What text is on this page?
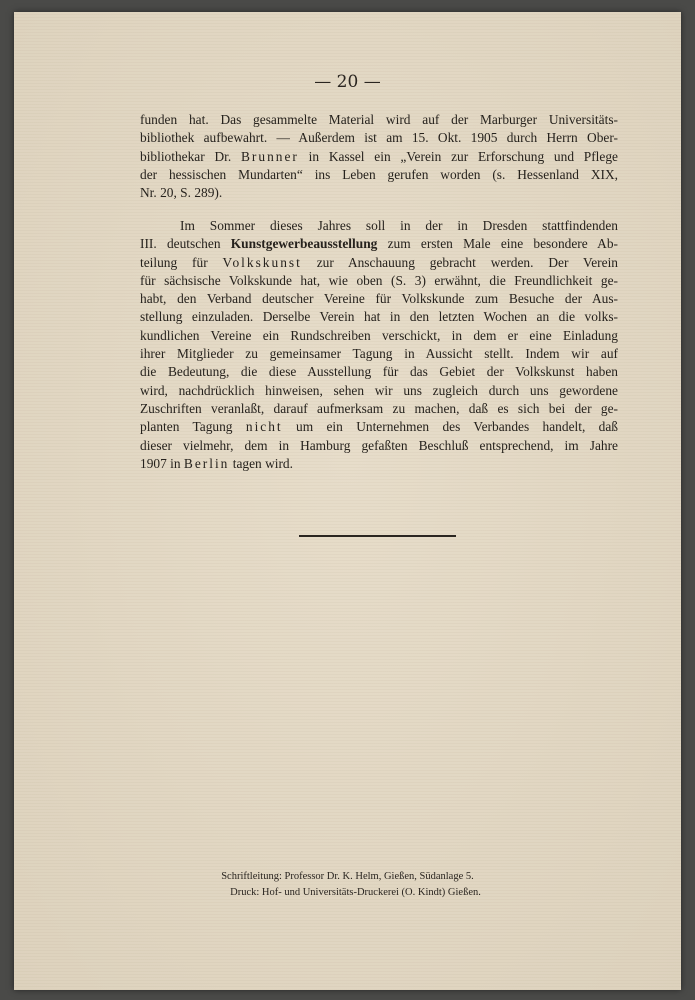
— 20 —
funden hat. Das gesammelte Material wird auf der Marburger Universitäts-
bibliothek aufbewahrt. — Außerdem ist am 15. Okt. 1905 durch Herrn Ober-
bibliothekar Dr. Brunner in Kassel ein „Verein zur Erforschung und Pflege
der hessischen Mundarten“ ins Leben gerufen worden (s. Hessenland XIX,
Nr. 20, S. 289).
Im Sommer dieses Jahres soll in der in Dresden stattfindenden
III. deutschen Kunstgewerbeausstellung zum ersten Male eine besondere Ab-
teilung für Volkskunst zur Anschauung gebracht werden. Der Verein
für sächsische Volkskunde hat, wie oben (S. 3) erwähnt, die Freundlichkeit ge-
habt, den Verband deutscher Vereine für Volkskunde zum Besuche der Aus-
stellung einzuladen. Derselbe Verein hat in den letzten Wochen an die volks-
kundlichen Vereine ein Rundschreiben verschickt, in dem er eine Einladung
ihrer Mitglieder zu gemeinsamer Tagung in Aussicht stellt. Indem wir auf
die Bedeutung, die diese Ausstellung für das Gebiet der Volkskunst haben
wird, nachdrücklich hinweisen, sehen wir uns zugleich durch uns gewordene
Zuschriften veranlaßt, darauf aufmerksam zu machen, daß es sich bei der ge-
planten Tagung nicht um ein Unternehmen des Verbandes handelt, daß
dieser vielmehr, dem in Hamburg gefaßten Beschluß entsprechend, im Jahre
1907 in Berlin tagen wird.
Schriftleitung: Professor Dr. K. Helm, Gießen, Südanlage 5.
Druck: Hof- und Universitäts-Druckerei (O. Kindt) Gießen.
